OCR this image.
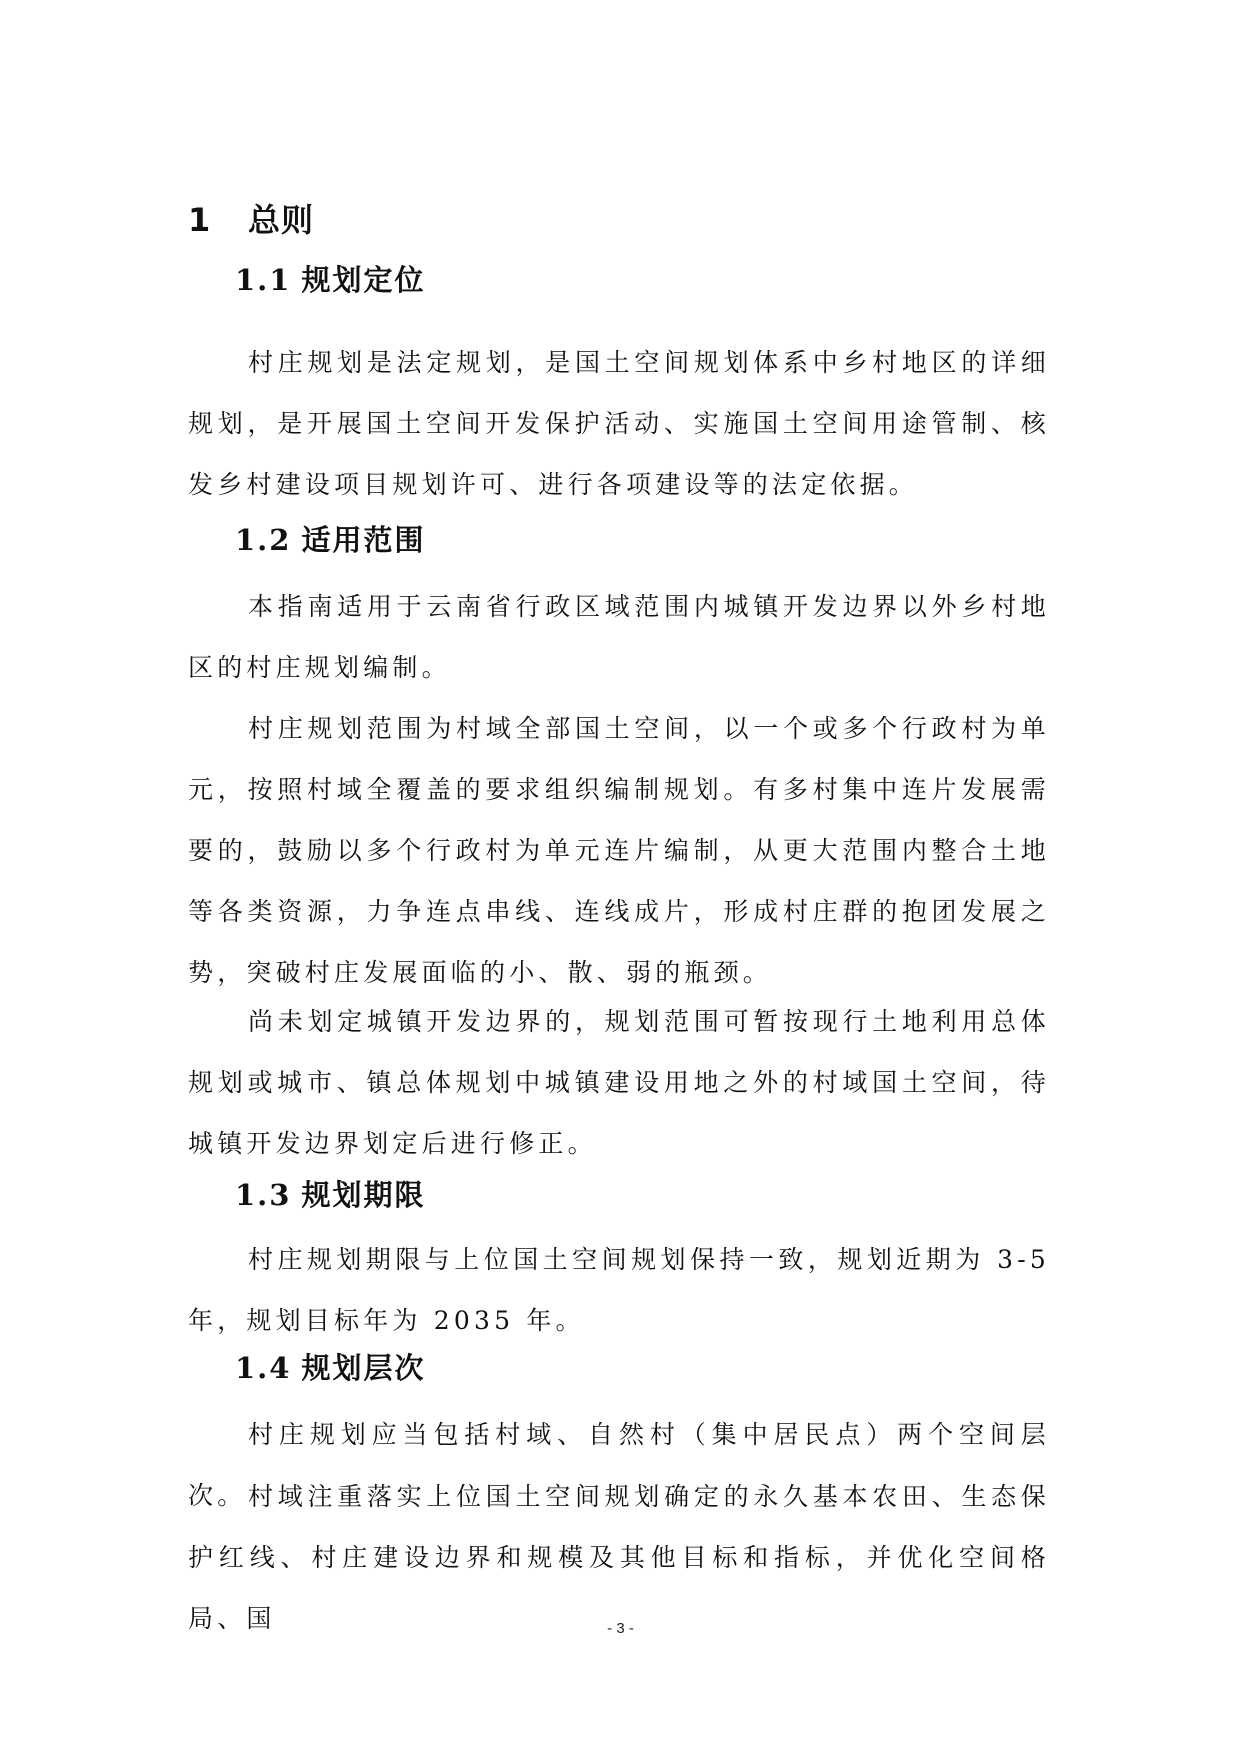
1 总则
1.1 规划定位

村庄规划是法定规划，是国土空间规划体系中乡村地区的详细规划，是开展国土空间开发保护活动、实施国土空间用途管制、核发乡村建设项目规划许可、进行各项建设等的法定依据。

1.2 适用范围

本指南适用于云南省行政区域范围内城镇开发边界以外乡村地区的村庄规划编制。

村庄规划范围为村域全部国土空间，以一个或多个行政村为单元，按照村域全覆盖的要求组织编制规划。有多村集中连片发展需要的，鼓励以多个行政村为单元连片编制，从更大范围内整合土地等各类资源，力争连点串线、连线成片，形成村庄群的抱团发展之势，突破村庄发展面临的小、散、弱的瓶颈。

尚未划定城镇开发边界的，规划范围可暂按现行土地利用总体规划或城市、镇总体规划中城镇建设用地之外的村域国土空间，待城镇开发边界划定后进行修正。

1.3 规划期限

村庄规划期限与上位国土空间规划保持一致，规划近期为 3-5 年，规划目标年为 2035 年。

1.4 规划层次

村庄规划应当包括村域、自然村（集中居民点）两个空间层次。 村域注重落实上位国土空间规划确定的永久基本农田、生态保护红线、村庄建设边界和规模及其他目标和指标，并优化空间格局、国	- 3 -
